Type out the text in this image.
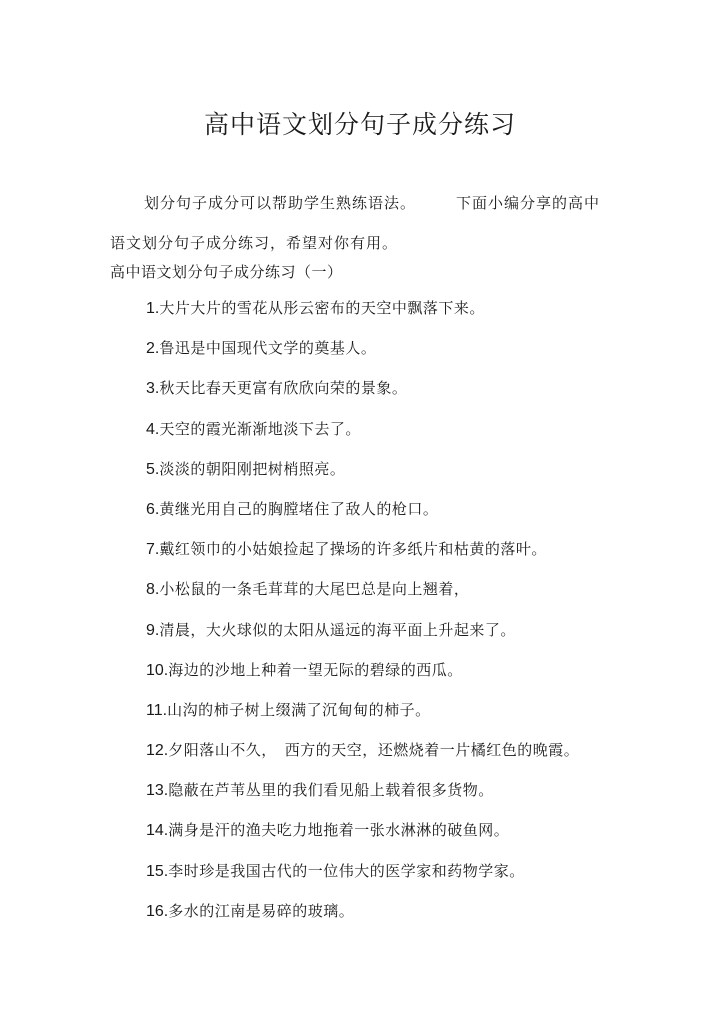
高中语文划分句子成分练习
划分句子成分可以帮助学生熟练语法。	下面小编分享的高中
语文划分句子成分练习，希望对你有用。
高中语文划分句子成分练习（一）
1.大片大片的雪花从彤云密布的天空中飘落下来。
2.鲁迅是中国现代文学的奠基人。
3.秋天比春天更富有欣欣向荣的景象。
4.天空的霞光渐渐地淡下去了。
5.淡淡的朝阳刚把树梢照亮。
6.黄继光用自己的胸膛堵住了敌人的枪口。
7.戴红领巾的小姑娘捡起了操场的许多纸片和枯黄的落叶。
8.小松鼠的一条毛茸茸的大尾巴总是向上翘着，
9.清晨，大火球似的太阳从遥远的海平面上升起来了。
10.海边的沙地上种着一望无际的碧绿的西瓜。
11.山沟的柿子树上缀满了沉甸甸的柿子。
12.夕阳落山不久，　西方的天空，还燃烧着一片橘红色的晚霞。
13.隐蔽在芦苇丛里的我们看见船上载着很多货物。
14.满身是汗的渔夫吃力地拖着一张水淋淋的破鱼网。
15.李时珍是我国古代的一位伟大的医学家和药物学家。
16.多水的江南是易碎的玻璃。
